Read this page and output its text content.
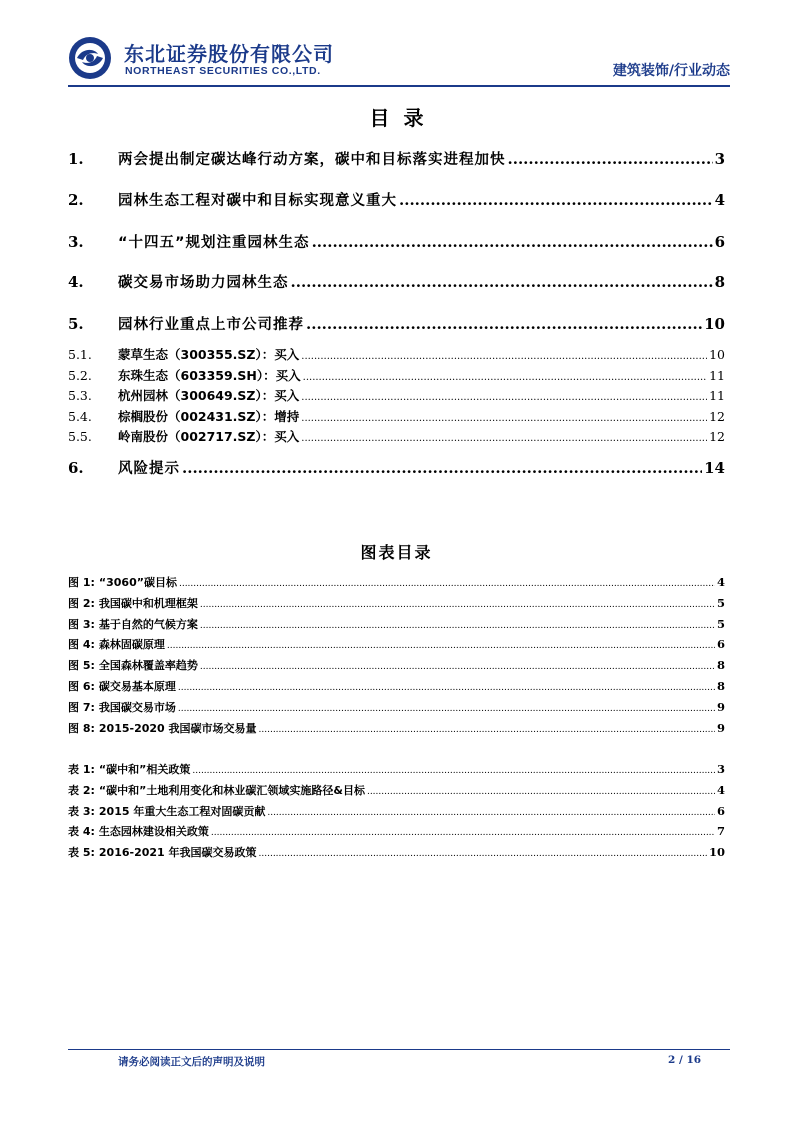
东北证券股份有限公司
NORTHEAST SECURITIES CO.,LTD.	建筑装饰/行业动态
目录
1.	两会提出制定碳达峰行动方案，碳中和目标落实进程加快 .....	3
2.	园林生态工程对碳中和目标实现意义重大 .....	4
3.	“十四五”规划注重园林生态 .....	6
4.	碳交易市场助力园林生态 .....	8
5.	园林行业重点上市公司推荐 .....	10
5.1.	蒙草生态（300355.SZ）：买入 .....	10
5.2.	东珠生态（603359.SH）：买入 .....	11
5.3.	杭州园林（300649.SZ）：买入 .....	11
5.4.	棕榈股份（002431.SZ）：增持 .....	12
5.5.	岭南股份（002717.SZ）：买入 .....	12
6.	风险提示 .....	14
图表目录
图 1: “3060”碳目标 .....	4
图 2: 我国碳中和机理框架 .....	5
图 3: 基于自然的气候方案 .....	5
图 4: 森林固碳原理 .....	6
图 5: 全国森林覆盖率趋势 .....	8
图 6: 碳交易基本原理 .....	8
图 7: 我国碳交易市场 .....	9
图 8: 2015-2020 我国碳市场交易量 .....	9
表 1: “碳中和”相关政策 .....	3
表 2: “碳中和”土地利用变化和林业碳汇领域实施路径&目标 .....	4
表 3: 2015 年重大生态工程对固碳贡献 .....	6
表 4: 生态园林建设相关政策 .....	7
表 5: 2016-2021 年我国碳交易政策 .....	10
请务必阅读正文后的声明及说明	2 / 16
